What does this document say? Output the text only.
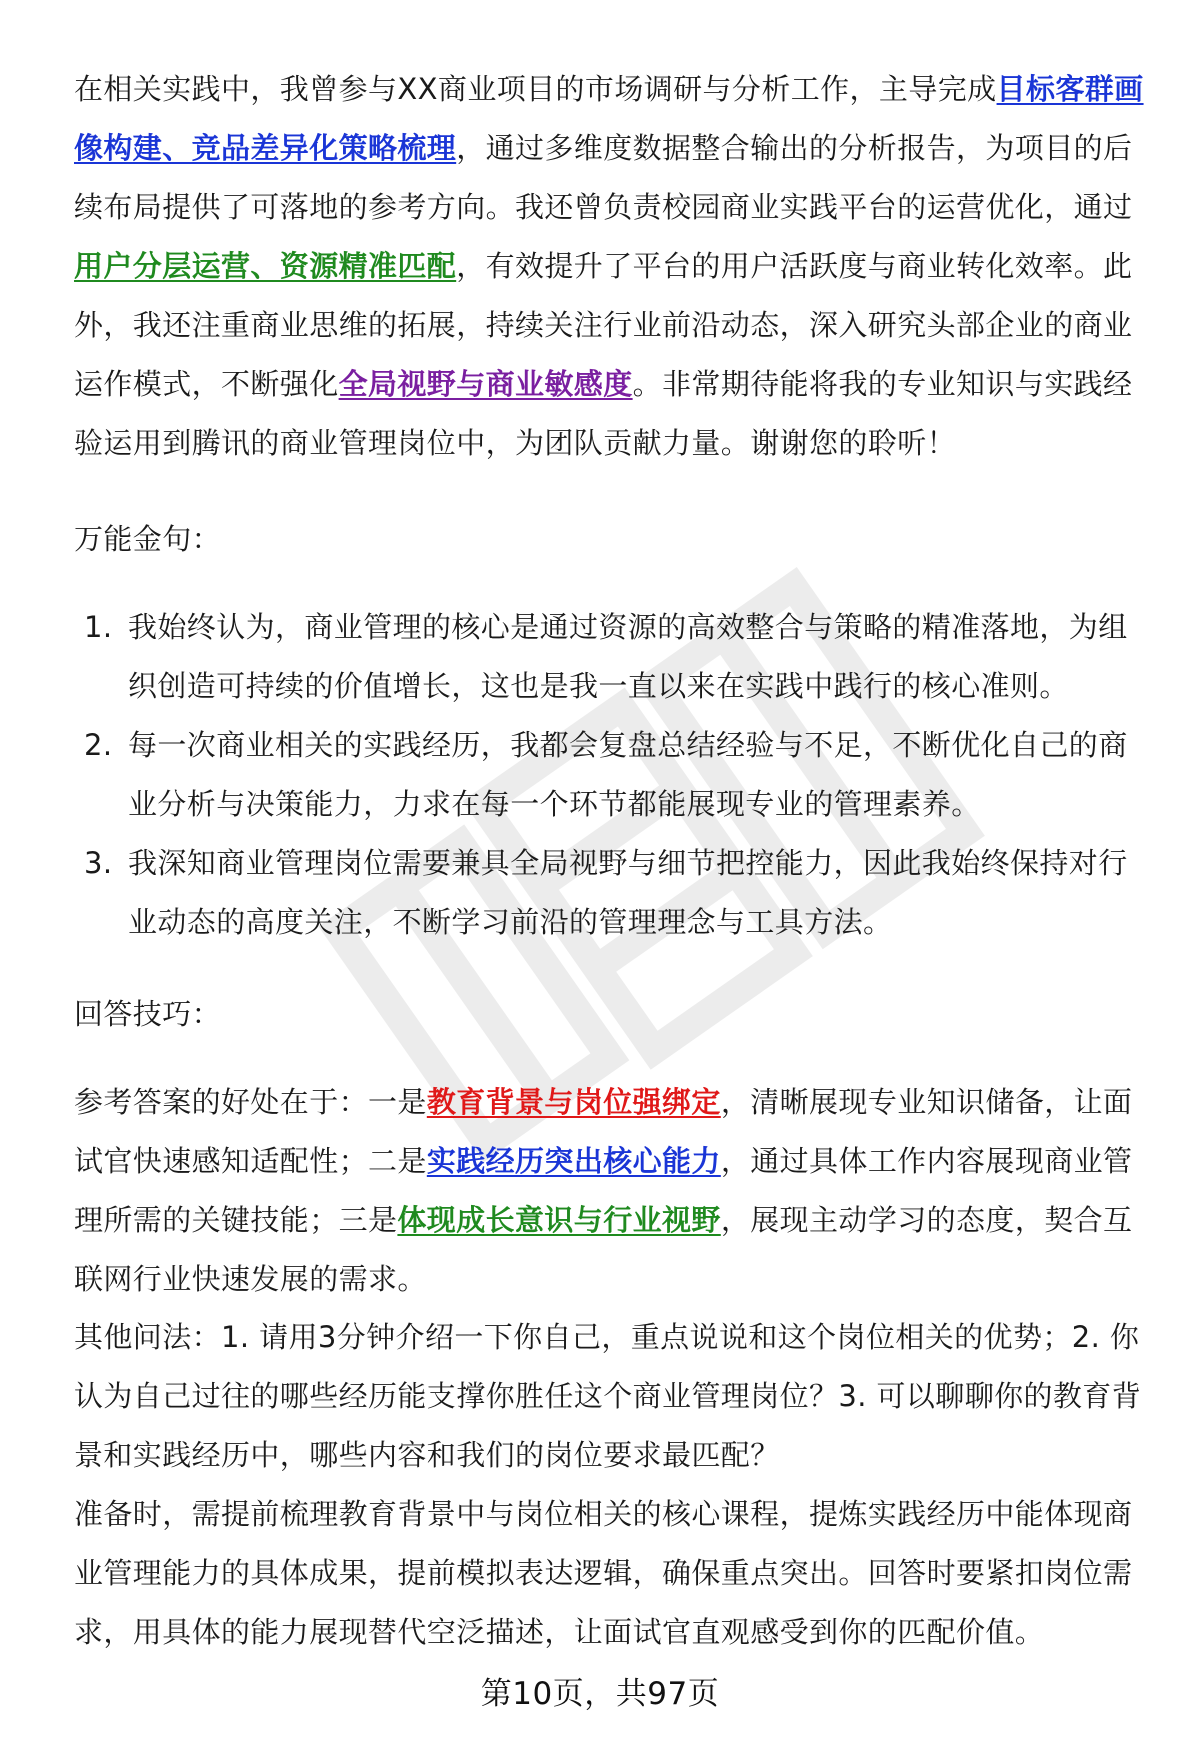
在相关实践中，我曾参与XX商业项目的市场调研与分析工作，主导完成目标客群画像构建、竞品差异化策略梳理，通过多维度数据整合输出的分析报告，为项目的后续布局提供了可落地的参考方向。我还曾负责校园商业实践平台的运营优化，通过用户分层运营、资源精准匹配，有效提升了平台的用户活跃度与商业转化效率。此外，我还注重商业思维的拓展，持续关注行业前沿动态，深入研究头部企业的商业运作模式，不断强化全局视野与商业敏感度。非常期待能将我的专业知识与实践经验运用到腾讯的商业管理岗位中，为团队贡献力量。谢谢您的聆听！

万能金句：

1. 我始终认为，商业管理的核心是通过资源的高效整合与策略的精准落地，为组织创造可持续的价值增长，这也是我一直以来在实践中践行的核心准则。
2. 每一次商业相关的实践经历，我都会复盘总结经验与不足，不断优化自己的商业分析与决策能力，力求在每一个环节都能展现专业的管理素养。
3. 我深知商业管理岗位需要兼具全局视野与细节把控能力，因此我始终保持对行业动态的高度关注，不断学习前沿的管理理念与工具方法。

回答技巧：

参考答案的好处在于：一是教育背景与岗位强绑定，清晰展现专业知识储备，让面试官快速感知适配性；二是实践经历突出核心能力，通过具体工作内容展现商业管理所需的关键技能；三是体现成长意识与行业视野，展现主动学习的态度，契合互联网行业快速发展的需求。

其他问法：1. 请用3分钟介绍一下你自己，重点说说和这个岗位相关的优势；2. 你认为自己过往的哪些经历能支撑你胜任这个商业管理岗位？3. 可以聊聊你的教育背景和实践经历中，哪些内容和我们的岗位要求最匹配？

准备时，需提前梳理教育背景中与岗位相关的核心课程，提炼实践经历中能体现商业管理能力的具体成果，提前模拟表达逻辑，确保重点突出。回答时要紧扣岗位需求，用具体的能力展现替代空泛描述，让面试官直观感受到你的匹配价值。

第10页，共97页
